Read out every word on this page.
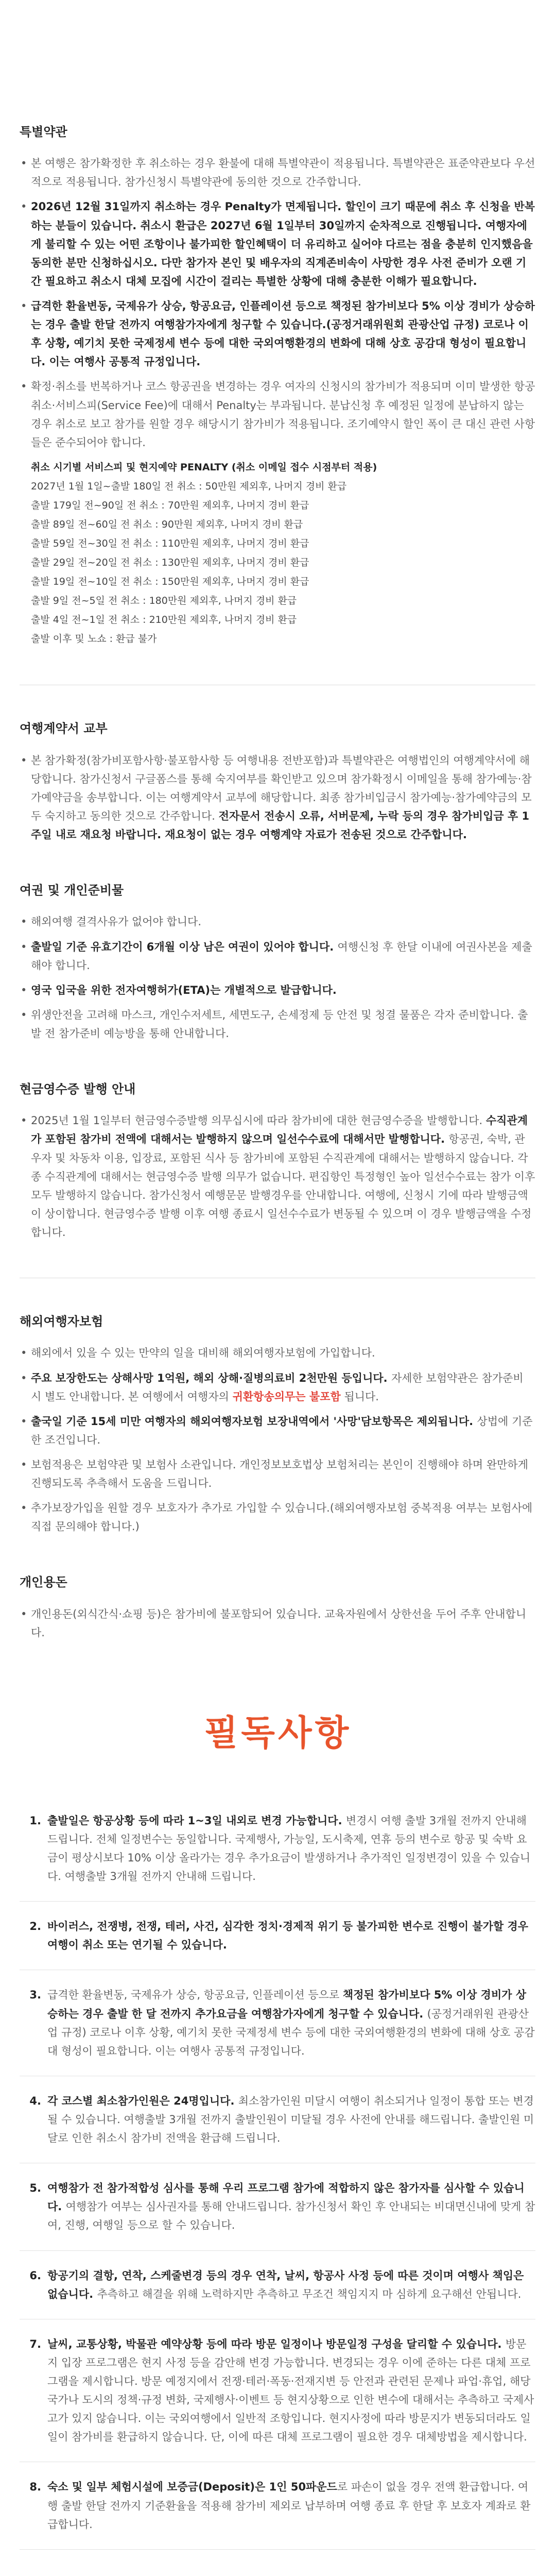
특별약관
• 본 여행은 참가확정한 후 취소하는 경우 환불에 대해 특별약관이 적용됩니다. 특별약관은 표준약관보다 우선적으로 적용됩니다. 참가신청시 특별약관에 동의한 것으로 간주합니다.
• 2026년 12월 31일까지 취소하는 경우 Penalty가 면제됩니다. 할인이 크기 때문에 취소 후 신청을 반복하는 분들이 있습니다. 취소시 환급은 2027년 6월 1일부터 30일까지 순차적으로 진행됩니다. 여행자에게 불리할 수 있는 어떤 조항이나 불가피한 할인혜택이 더 유리하고 실어야 다르는 점을 충분히 인지했음을 동의한 분만 신청하십시오. 다만 참가자 본인 및 배우자의 직계존비속이 사망한 경우 사전 준비가 오랜 기간 필요하고 취소시 대체 모집에 시간이 걸리는 특별한 상황에 대해 충분한 이해가 필요합니다.
• 급격한 환율변동, 국제유가 상승, 항공요금, 인플레이션 등으로 책정된 참가비보다 5% 이상 경비가 상승하는 경우 출발 한달 전까지 여행참가자에게 청구할 수 있습니다.(공정거래위원회 관광산업 규정) 코로나 이후 상황, 예기치 못한 국제정세 변수 등에 대한 국외여행환경의 변화에 대해 상호 공감대 형성이 필요합니다. 이는 여행사 공통적 규정입니다.
• 확정·취소를 번복하거나 코스 항공권을 변경하는 경우 여자의 신청시의 참가비가 적용되며 이미 발생한 항공취소·서비스피(Service Fee)에 대해서 Penalty는 부과됩니다. 분납신청 후 예정된 일정에 분납하지 않는 경우 취소로 보고 참가를 원할 경우 해당시기 참가비가 적용됩니다. 조기예약시 할인 폭이 큰 대신 관련 사항들은 준수되어야 합니다.
취소 시기별 서비스피 및 현지예약 PENALTY (취소 이메일 접수 시점부터 적용)
2027년 1월 1일~출발 180일 전 취소 : 50만원 제외후, 나머지 경비 환급
출발 179일 전~90일 전 취소 : 70만원 제외후, 나머지 경비 환급
출발 89일 전~60일 전 취소 : 90만원 제외후, 나머지 경비 환급
출발 59일 전~30일 전 취소 : 110만원 제외후, 나머지 경비 환급
출발 29일 전~20일 전 취소 : 130만원 제외후, 나머지 경비 환급
출발 19일 전~10일 전 취소 : 150만원 제외후, 나머지 경비 환급
출발 9일 전~5일 전 취소 : 180만원 제외후, 나머지 경비 환급
출발 4일 전~1일 전 취소 : 210만원 제외후, 나머지 경비 환급
출발 이후 및 노쇼 : 환급 불가
여행계약서 교부
• 본 참가확정(참가비포함사항·불포함사항 등 여행내용 전반포함)과 특별약관은 여행법인의 여행계약서에 해당합니다. 참가신청서 구글폼스를 통해 숙지여부를 확인받고 있으며 참가확정시 이메일을 통해 참가예능·참가예약금을 송부합니다. 이는 여행계약서 교부에 해당합니다. 최종 참가비입금시 참가예능·참가예약금의 모두 숙지하고 동의한 것으로 간주합니다. 전자문서 전송시 오류, 서버문제, 누락 등의 경우 참가비입금 후 1주일 내로 재요청 바랍니다. 재요청이 없는 경우 여행계약 자료가 전송된 것으로 간주합니다.
여권 및 개인준비물
• 해외여행 결격사유가 없어야 합니다.
• 출발일 기준 유효기간이 6개월 이상 남은 여권이 있어야 합니다. 여행신청 후 한달 이내에 여권사본을 제출해야 합니다.
• 영국 입국을 위한 전자여행허가(ETA)는 개별적으로 발급합니다.
• 위생안전을 고려해 마스크, 개인수저세트, 세면도구, 손세정제 등 안전 및 청결 물품은 각자 준비합니다. 출발 전 참가준비 예능방을 통해 안내합니다.
현금영수증 발행 안내
• 2025년 1월 1일부터 현금영수증발행 의무십시에 따라 참가비에 대한 현금영수증을 발행합니다. 수직관계가 포함된 참가비 전액에 대해서는 발행하지 않으며 일선수수료에 대해서만 발행합니다. 항공권, 숙박, 관우자 및 차동차 이용, 입장료, 포함된 식사 등 참가비에 포함된 수직관계에 대해서는 발행하지 않습니다. 각종 수직관계에 대해서는 현금영수증 발행 의무가 없습니다. 편집항인 특정형인 높아 일선수수료는 참가 이후 모두 발행하지 않습니다. 참가신청서 예행문문 발행경우를 안내합니다. 여행에, 신청시 기에 따라 발행금액이 상이합니다. 현금영수증 발행 이후 여행 종료시 일선수수료가 변동될 수 있으며 이 경우 발행금액을 수정합니다.
해외여행자보험
• 해외에서 있을 수 있는 만약의 일을 대비해 해외여행자보험에 가입합니다.
• 주요 보장한도는 상해사망 1억원, 해외 상해·질병의료비 2천만원 등입니다. 자세한 보험약관은 참가준비 시 별도 안내합니다. 본 여행에서 여행자의 귀환항송의무는 불포함 됩니다.
• 출국일 기준 15세 미만 여행자의 해외여행자보험 보장내역에서 '사망'담보항목은 제외됩니다. 상법에 기준한 조건입니다.
• 보험적용은 보험약관 및 보험사 소관입니다. 개인정보보호법상 보험처리는 본인이 진행해야 하며 완만하게 진행되도록 추측해서 도움을 드립니다.
• 추가보장가입을 원할 경우 보호자가 추가로 가입할 수 있습니다.(해외여행자보험 중복적용 여부는 보험사에 직접 문의해야 합니다.)
개인용돈
• 개인용돈(외식간식·쇼핑 등)은 참가비에 불포함되어 있습니다. 교육자원에서 상한선을 두어 주후 안내합니다.
필독사항
1. 출발일은 항공상황 등에 따라 1~3일 내외로 변경 가능합니다. 변경시 여행 출발 3개월 전까지 안내해 드립니다. 전체 일정변수는 동일합니다. 국제행사, 가능일, 도시축제, 연휴 등의 변수로 항공 및 숙박 요금이 평상시보다 10% 이상 올라가는 경우 추가요금이 발생하거나 추가적인 일정변경이 있을 수 있습니다. 여행출발 3개월 전까지 안내해 드립니다.
2. 바이러스, 전쟁병, 전쟁, 테러, 사건, 심각한 정치·경제적 위기 등 불가피한 변수로 진행이 불가할 경우 여행이 취소 또는 연기될 수 있습니다.
3. 급격한 환율변동, 국제유가 상승, 항공요금, 인플레이션 등으로 책정된 참가비보다 5% 이상 경비가 상승하는 경우 출발 한 달 전까지 추가요금을 여행참가자에게 청구할 수 있습니다. (공정거래위원 관광산업 규정) 코로나 이후 상황, 예기치 못한 국제정세 변수 등에 대한 국외여행환경의 변화에 대해 상호 공감대 형성이 필요합니다. 이는 여행사 공통적 규정입니다.
4. 각 코스별 최소참가인원은 24명입니다. 최소참가인원 미달시 여행이 취소되거나 일정이 통합 또는 변경될 수 있습니다. 여행출발 3개월 전까지 출발인원이 미달될 경우 사전에 안내를 해드립니다. 출발인원 미달로 인한 취소시 참가비 전액을 환급해 드립니다.
5. 여행참가 전 참가적합성 심사를 통해 우리 프로그램 참가에 적합하지 않은 참가자를 심사할 수 있습니다. 여행참가 여부는 심사권자를 통해 안내드립니다. 참가신청서 확인 후 안내되는 비대면신내에 맞게 참여, 진행, 여행일 등으로 할 수 있습니다.
6. 항공기의 결항, 연착, 스케줄변경 등의 경우 연착, 날씨, 항공사 사정 등에 따른 것이며 여행사 책임은 없습니다. 추측하고 해결을 위해 노력하지만 추측하고 무조건 책임지지 마 심하게 요구해선 안됩니다.
7. 날씨, 교통상황, 박물관 예약상황 등에 따라 방문 일정이나 방문일정 구성을 달리할 수 있습니다. 방문지 입장 프로그램은 현지 사정 등을 감안해 변경 가능합니다. 변경되는 경우 이에 준하는 다른 대체 프로그램을 제시합니다. 방문 예정지에서 전쟁·테러·폭동·전재지변 등 안전과 관련된 문제나 파업·휴업, 해당국가나 도시의 정책·규정 변화, 국제행사·이벤트 등 현지상황으로 인한 변수에 대해서는 추측하고 국제사고가 있지 않습니다. 이는 국외여행에서 일반적 조항입니다. 현지사정에 따라 방문지가 변동되더라도 일일이 참가비를 환급하지 않습니다. 단, 이에 따른 대체 프로그램이 필요한 경우 대체방법을 제시합니다.
8. 숙소 및 일부 체험시설에 보증금(Deposit)은 1인 50파운드로 파손이 없을 경우 전액 환급합니다. 여행 출발 한달 전까지 기준환율을 적용해 참가비 제외로 납부하며 여행 종료 후 한달 후 보호자 계좌로 환급합니다.
